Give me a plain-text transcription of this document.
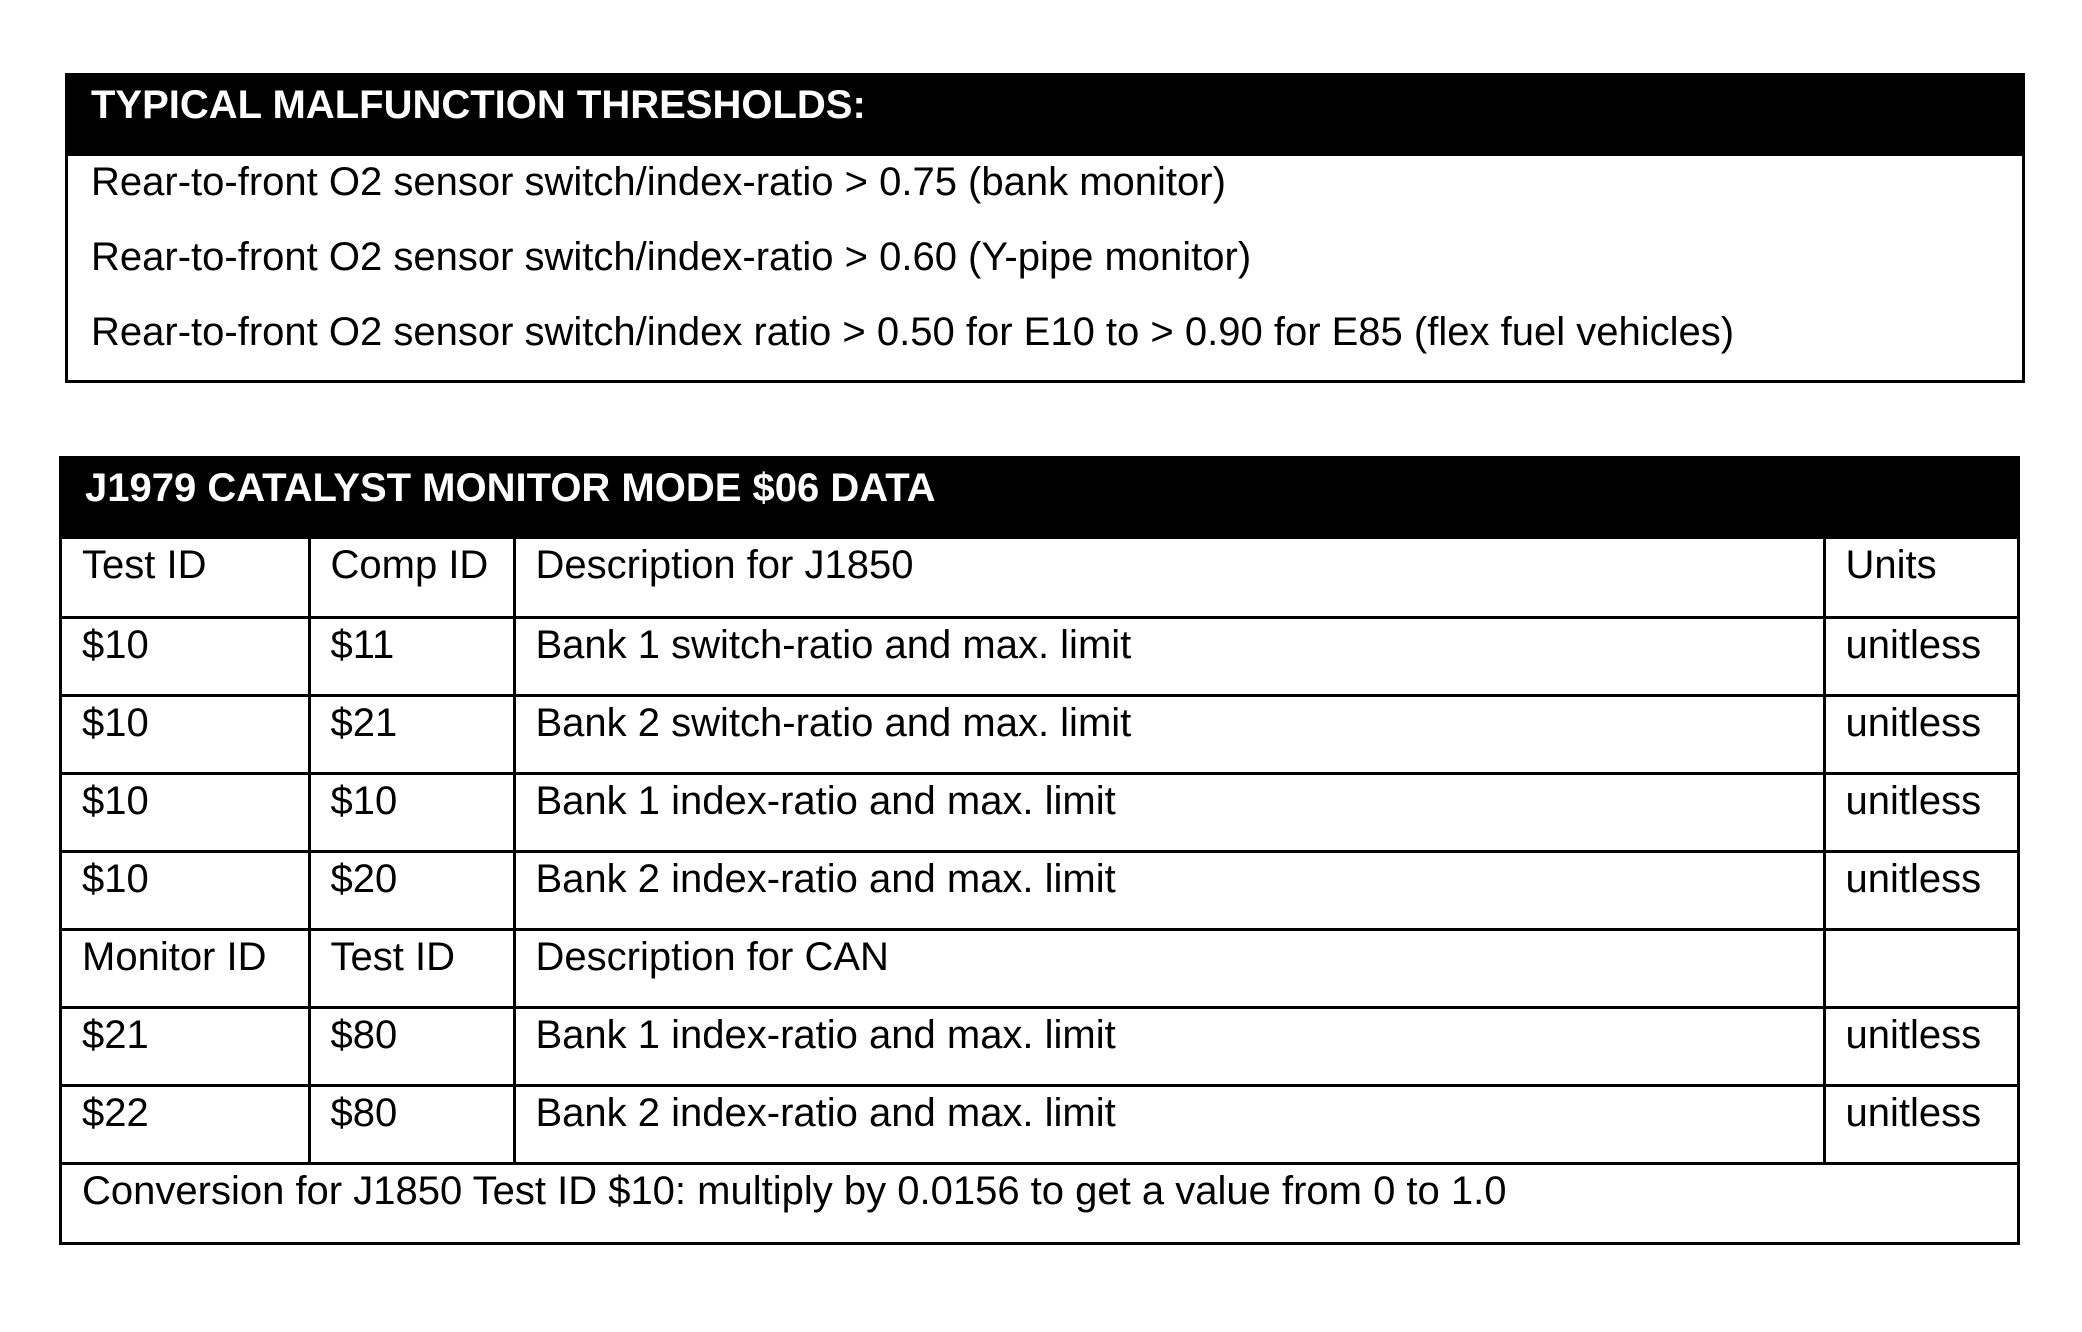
TYPICAL MALFUNCTION THRESHOLDS:
Rear-to-front O2 sensor switch/index-ratio > 0.75 (bank monitor)
Rear-to-front O2 sensor switch/index-ratio > 0.60 (Y-pipe monitor)
Rear-to-front O2 sensor switch/index ratio > 0.50 for E10 to > 0.90 for E85 (flex fuel vehicles)
J1979 CATALYST MONITOR MODE $06 DATA
Test ID	Comp ID	Description for J1850	Units
$10	$11	Bank 1 switch-ratio and max. limit	unitless
$10	$21	Bank 2 switch-ratio and max. limit	unitless
$10	$10	Bank 1 index-ratio and max. limit	unitless
$10	$20	Bank 2 index-ratio and max. limit	unitless
Monitor ID	Test ID	Description for CAN	
$21	$80	Bank 1 index-ratio and max. limit	unitless
$22	$80	Bank 2 index-ratio and max. limit	unitless
Conversion for J1850 Test ID $10: multiply by 0.0156 to get a value from 0 to 1.0			
